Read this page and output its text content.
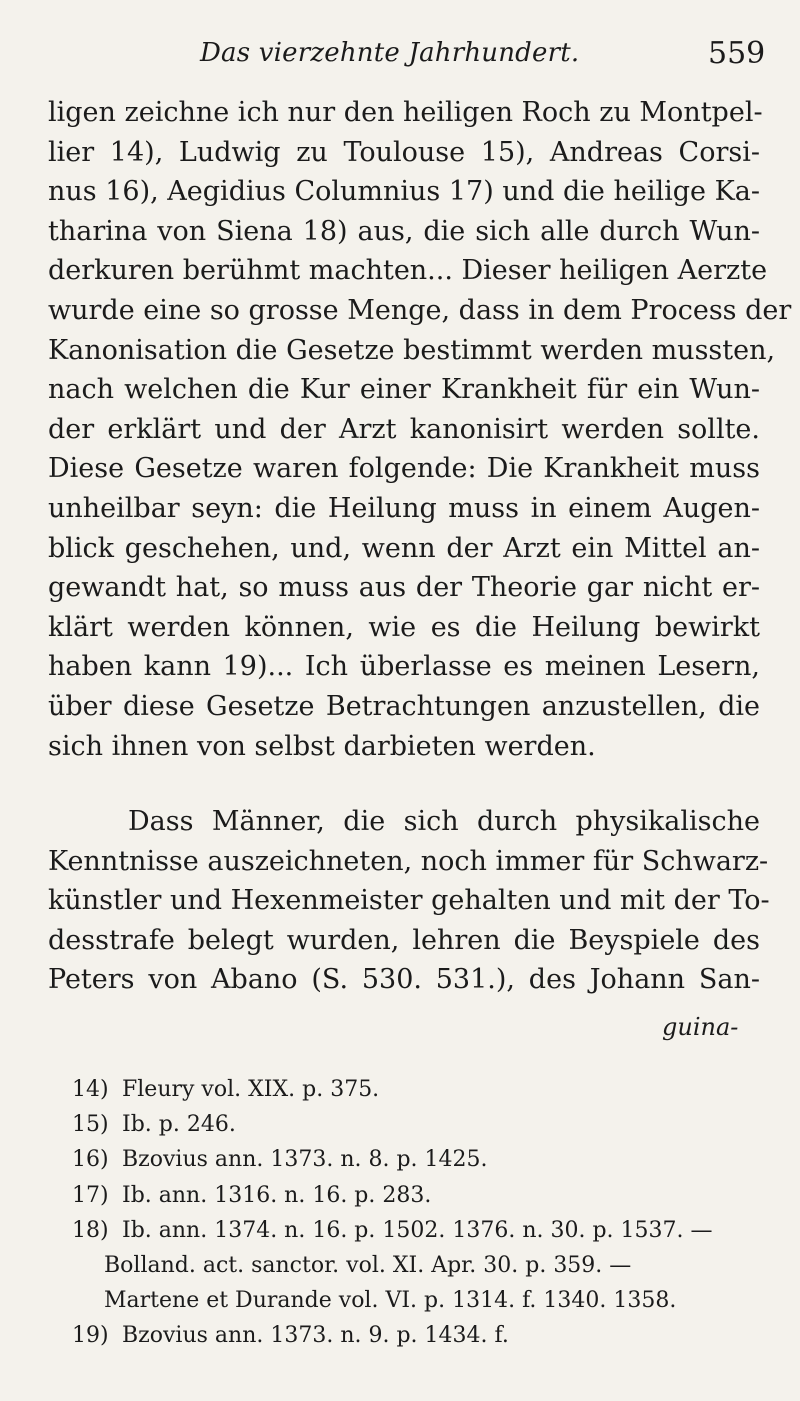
Das vierzehnte Jahrhundert.	559
ligen zeichne ich nur den heiligen Roch zu Montpel-
lier 14), Ludwig zu Toulouse 15), Andreas Corsi-
nus 16), Aegidius Columnius 17) und die heilige Ka-
tharina von Siena 18) aus, die sich alle durch Wun-
derkuren berühmt machten... Dieser heiligen Aerzte
wurde eine so grosse Menge, dass in dem Process der
Kanonisation die Gesetze bestimmt werden mussten,
nach welchen die Kur einer Krankheit für ein Wun-
der erklärt und der Arzt kanonisirt werden sollte.
Diese Gesetze waren folgende: Die Krankheit muss
unheilbar seyn: die Heilung muss in einem Augen-
blick geschehen, und, wenn der Arzt ein Mittel an-
gewandt hat, so muss aus der Theorie gar nicht er-
klärt werden können, wie es die Heilung bewirkt
haben kann 19)... Ich überlasse es meinen Lesern,
über diese Gesetze Betrachtungen anzustellen, die
sich ihnen von selbst darbieten werden.
Dass Männer, die sich durch physikalische
Kenntnisse auszeichneten, noch immer für Schwarz-
künstler und Hexenmeister gehalten und mit der To-
desstrafe belegt wurden, lehren die Beyspiele des
Peters von Abano (S. 530. 531.), des Johann San-
guina-
14) Fleury vol. XIX. p. 375.
15) Ib. p. 246.
16) Bzovius ann. 1373. n. 8. p. 1425.
17) Ib. ann. 1316. n. 16. p. 283.
18) Ib. ann. 1374. n. 16. p. 1502. 1376. n. 30. p. 1537. —
Bolland. act. sanctor. vol. XI. Apr. 30. p. 359. —
Martene et Durande vol. VI. p. 1314. f. 1340. 1358.
19) Bzovius ann. 1373. n. 9. p. 1434. f.
